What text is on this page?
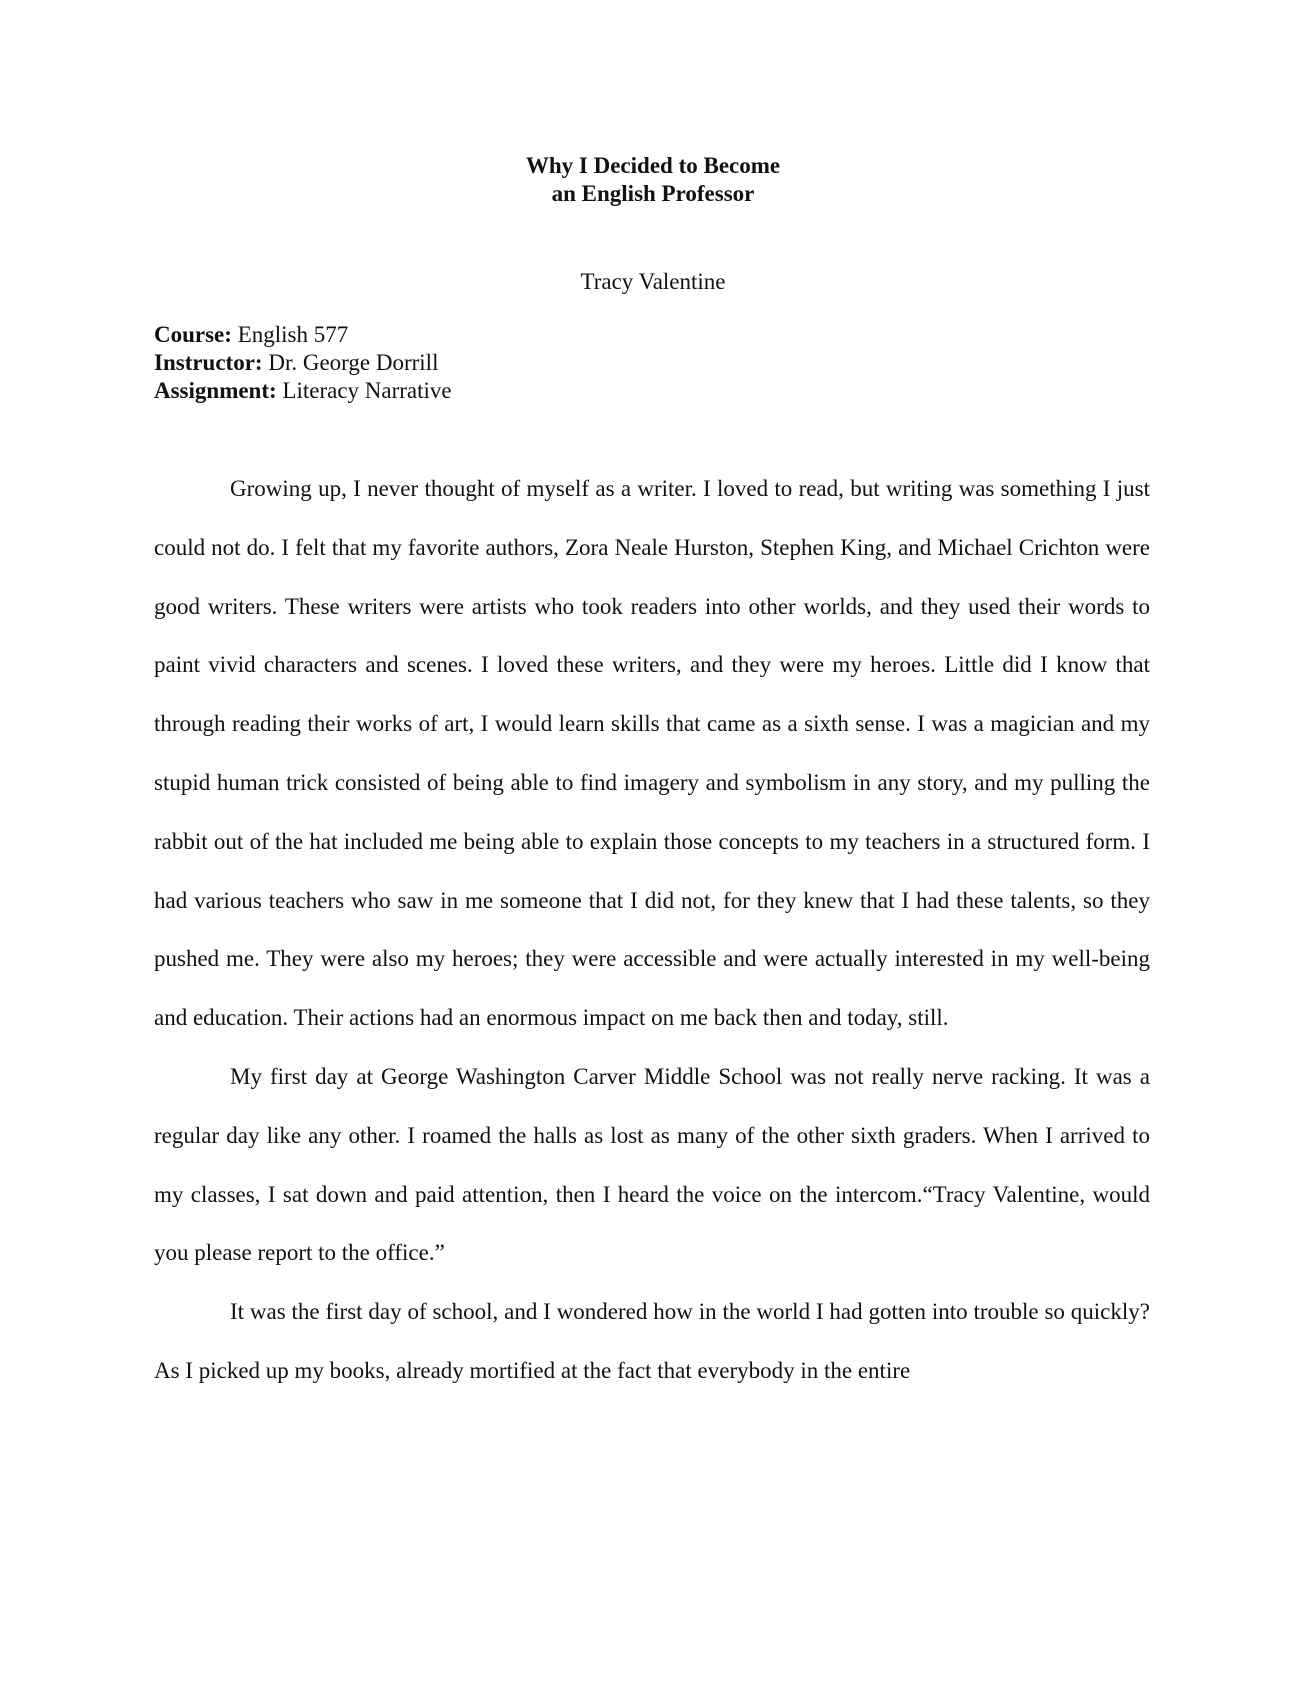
Why I Decided to Become
an English Professor
Tracy Valentine
Course: English 577
Instructor: Dr. George Dorrill
Assignment: Literacy Narrative

Growing up, I never thought of myself as a writer. I loved to read, but writing was something I just could not do. I felt that my favorite authors, Zora Neale Hurston, Stephen King, and Michael Crichton were good writers. These writers were artists who took readers into other worlds, and they used their words to paint vivid characters and scenes. I loved these writers, and they were my heroes. Little did I know that through reading their works of art, I would learn skills that came as a sixth sense. I was a magician and my stupid human trick consisted of being able to find imagery and symbolism in any story, and my pulling the rabbit out of the hat included me being able to explain those concepts to my teachers in a structured form. I had various teachers who saw in me someone that I did not, for they knew that I had these talents, so they pushed me. They were also my heroes; they were accessible and were actually interested in my well-being and education. Their actions had an enormous impact on me back then and today, still.

My first day at George Washington Carver Middle School was not really nerve racking. It was a regular day like any other. I roamed the halls as lost as many of the other sixth graders. When I arrived to my classes, I sat down and paid attention, then I heard the voice on the intercom.“Tracy Valentine, would you please report to the office.”

It was the first day of school, and I wondered how in the world I had gotten into trouble so quickly? As I picked up my books, already mortified at the fact that everybody in the entire
